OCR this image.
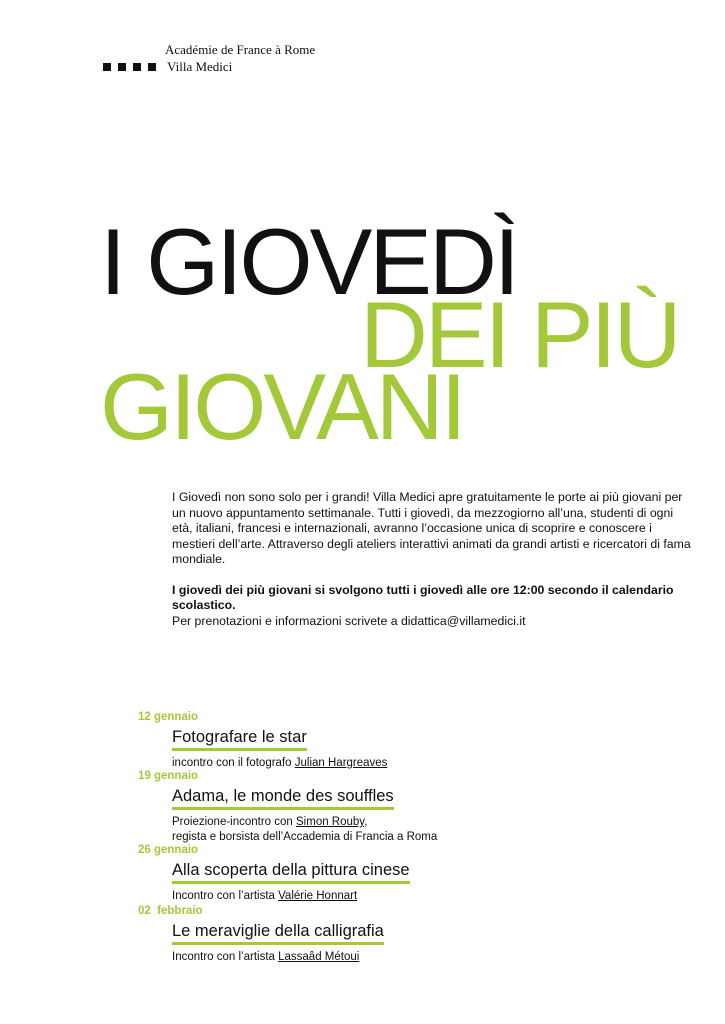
Académie de France à Rome
Villa Medici
I GIOVEDÌ
DEI PIÙ
GIOVANI

I Giovedì non sono solo per i grandi! Villa Medici apre gratuitamente le porte ai più giovani per un nuovo appuntamento settimanale. Tutti i giovedì, da mezzogiorno all’una, studenti di ogni età, italiani, francesi e internazionali, avranno l’occasione unica di scoprire e conoscere i mestieri dell’arte. Attraverso degli ateliers interattivi animati da grandi artisti e ricercatori di fama mondiale.

I giovedì dei più giovani si svolgono tutti i giovedì alle ore 12:00 secondo il calendario scolastico.

Per prenotazioni e informazioni scrivete a didattica@villamedici.it

12 gennaio
Fotografare le star
incontro con il fotografo Julian Hargreaves
19 gennaio
Adama, le monde des souffles
Proiezione-incontro con Simon Rouby,
regista e borsista dell’Accademia di Francia a Roma
26 gennaio
Alla scoperta della pittura cinese
Incontro con l’artista Valérie Honnart
02  febbraio
Le meraviglie della calligrafia
Incontro con l’artista Lassaâd Métoui
